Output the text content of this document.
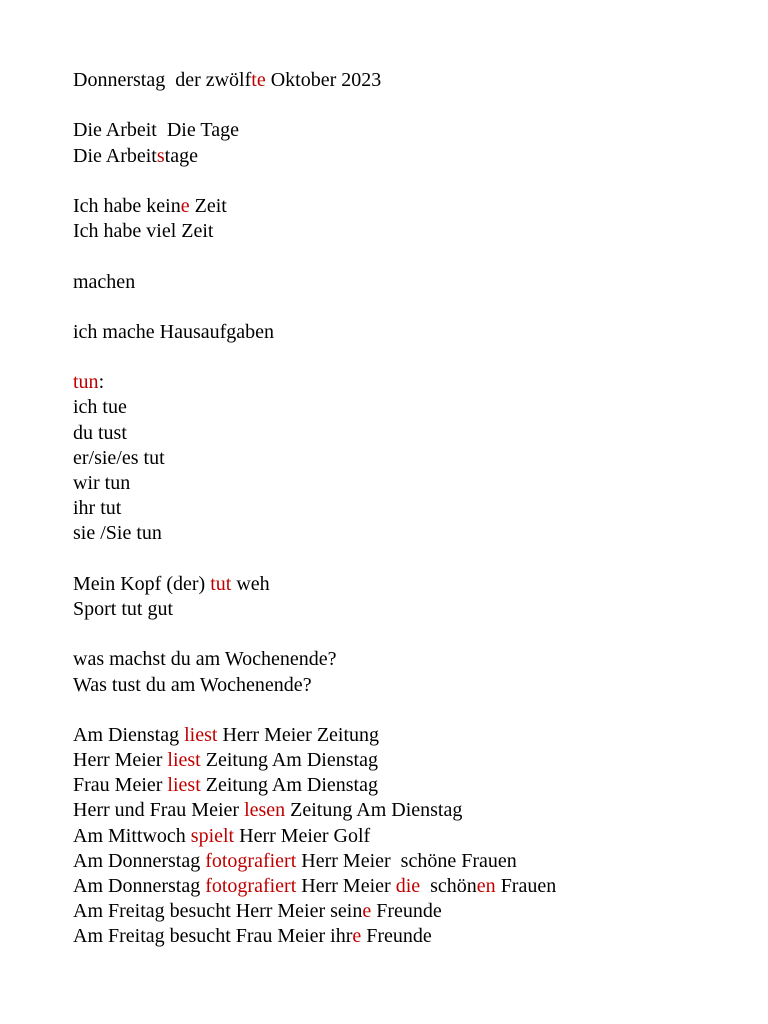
Donnerstag  der zwölfte Oktober 2023
Die Arbeit  Die Tage
Die Arbeitstage
Ich habe keine Zeit
Ich habe viel Zeit
machen
ich mache Hausaufgaben
tun:
ich tue
du tust
er/sie/es tut
wir tun
ihr tut
sie /Sie tun
Mein Kopf (der) tut weh
Sport tut gut
was machst du am Wochenende?
Was tust du am Wochenende?
Am Dienstag liest Herr Meier Zeitung
Herr Meier liest Zeitung Am Dienstag
Frau Meier liest Zeitung Am Dienstag
Herr und Frau Meier lesen Zeitung Am Dienstag
Am Mittwoch spielt Herr Meier Golf
Am Donnerstag fotografiert Herr Meier  schöne Frauen
Am Donnerstag fotografiert Herr Meier die  schönen Frauen
Am Freitag besucht Herr Meier seine Freunde
Am Freitag besucht Frau Meier ihre Freunde
